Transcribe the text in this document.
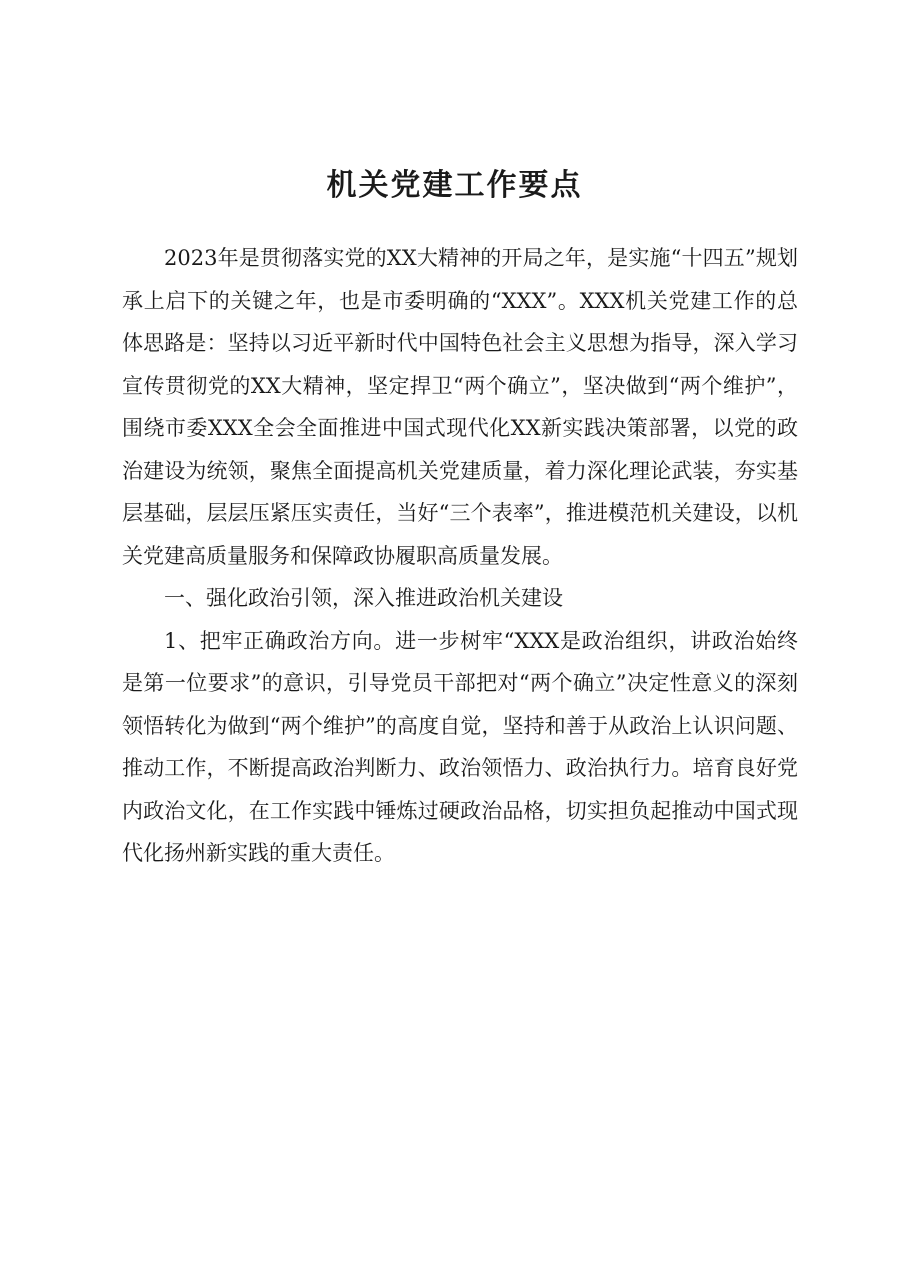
机关党建工作要点

2023年是贯彻落实党的XX大精神的开局之年，是实施“十四五”规划承上启下的关键之年，也是市委明确的“XXX”。XXX机关党建工作的总体思路是：坚持以习近平新时代中国特色社会主义思想为指导，深入学习宣传贯彻党的XX大精神，坚定捍卫“两个确立”，坚决做到“两个维护”，围绕市委XXX全会全面推进中国式现代化XX新实践决策部署，以党的政治建设为统领，聚焦全面提高机关党建质量，着力深化理论武装，夯实基层基础，层层压紧压实责任，当好“三个表率”，推进模范机关建设，以机关党建高质量服务和保障政协履职高质量发展。

一、强化政治引领，深入推进政治机关建设

1、把牢正确政治方向。进一步树牢“XXX是政治组织，讲政治始终是第一位要求”的意识，引导党员干部把对“两个确立”决定性意义的深刻领悟转化为做到“两个维护”的高度自觉，坚持和善于从政治上认识问题、推动工作，不断提高政治判断力、政治领悟力、政治执行力。培育良好党内政治文化，在工作实践中锤炼过硬政治品格，切实担负起推动中国式现代化扬州新实践的重大责任。
